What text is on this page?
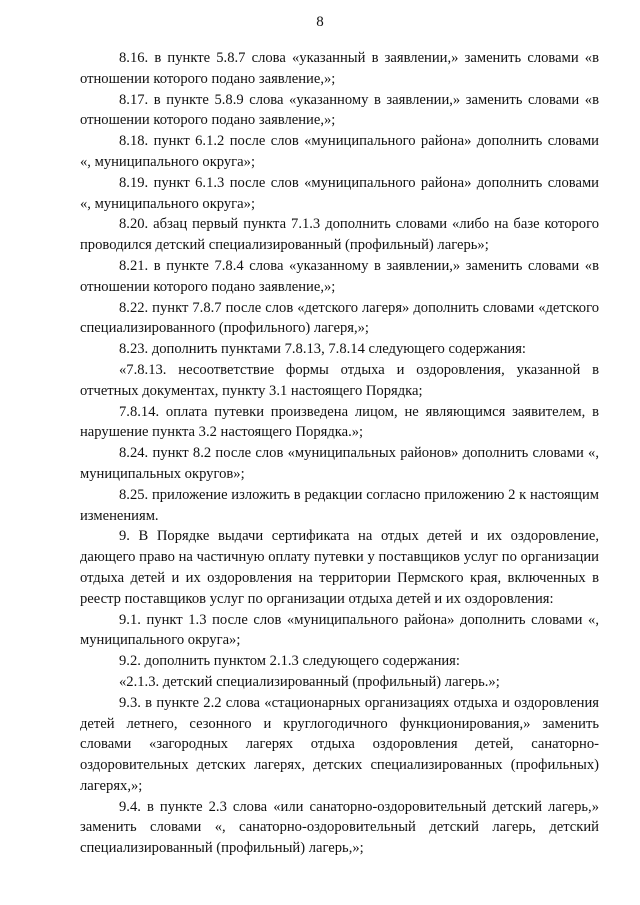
8

8.16. в пункте 5.8.7 слова «указанный в заявлении,» заменить словами «в отношении которого подано заявление,»;

8.17. в пункте 5.8.9 слова «указанному в заявлении,» заменить словами «в отношении которого подано заявление,»;

8.18. пункт 6.1.2 после слов «муниципального района» дополнить словами «, муниципального округа»;

8.19. пункт 6.1.3 после слов «муниципального района» дополнить словами «, муниципального округа»;

8.20. абзац первый пункта 7.1.3 дополнить словами «либо на базе которого проводился детский специализированный (профильный) лагерь»;

8.21. в пункте 7.8.4 слова «указанному в заявлении,» заменить словами «в отношении которого подано заявление,»;

8.22. пункт 7.8.7 после слов «детского лагеря» дополнить словами «детского специализированного (профильного) лагеря,»;

8.23. дополнить пунктами 7.8.13, 7.8.14 следующего содержания:

«7.8.13. несоответствие формы отдыха и оздоровления, указанной в отчетных документах, пункту 3.1 настоящего Порядка;

7.8.14. оплата путевки произведена лицом, не являющимся заявителем, в нарушение пункта 3.2 настоящего Порядка.»;

8.24. пункт 8.2 после слов «муниципальных районов» дополнить словами «, муниципальных округов»;

8.25. приложение изложить в редакции согласно приложению 2 к настоящим изменениям.

9. В Порядке выдачи сертификата на отдых детей и их оздоровление, дающего право на частичную оплату путевки у поставщиков услуг по организации отдыха детей и их оздоровления на территории Пермского края, включенных в реестр поставщиков услуг по организации отдыха детей и их оздоровления:

9.1. пункт 1.3 после слов «муниципального района» дополнить словами «, муниципального округа»;

9.2. дополнить пунктом 2.1.3 следующего содержания:

«2.1.3. детский специализированный (профильный) лагерь.»;

9.3. в пункте 2.2 слова «стационарных организациях отдыха и оздоровления детей летнего, сезонного и круглогодичного функционирования,» заменить словами «загородных лагерях отдыха оздоровления детей, санаторно-оздоровительных детских лагерях, детских специализированных (профильных) лагерях,»;

9.4. в пункте 2.3 слова «или санаторно-оздоровительный детский лагерь,» заменить словами «, санаторно-оздоровительный детский лагерь, детский специализированный (профильный) лагерь,»;
